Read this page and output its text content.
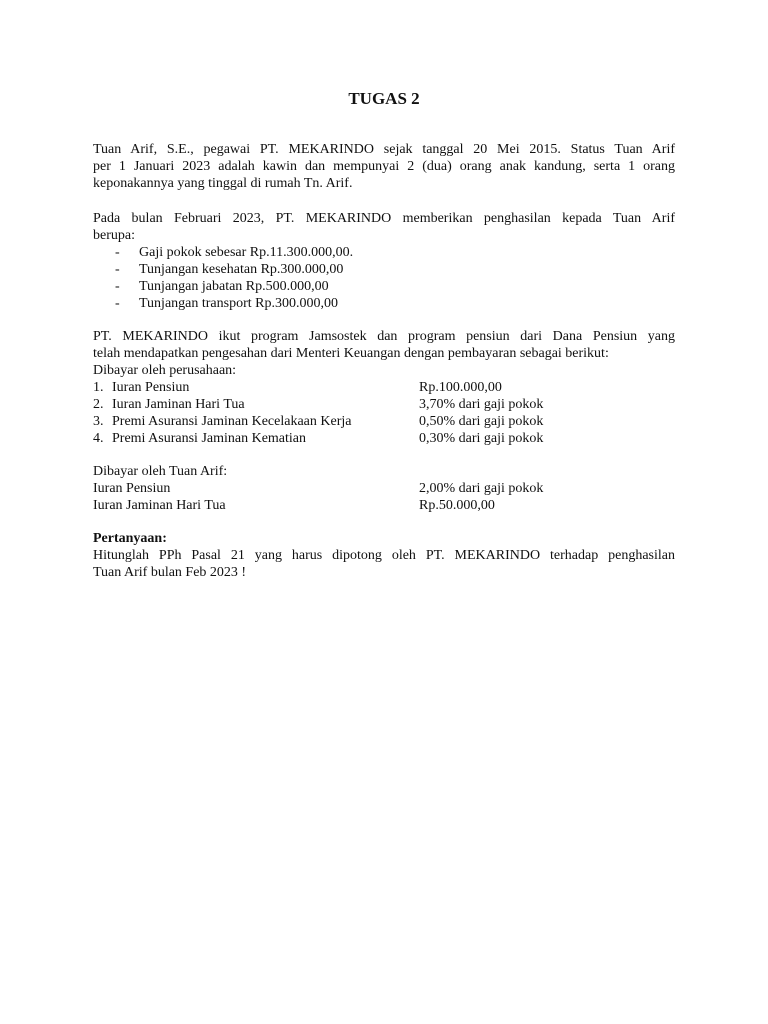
TUGAS 2
Tuan Arif, S.E., pegawai PT. MEKARINDO sejak tanggal 20 Mei 2015. Status Tuan Arif
per 1 Januari 2023 adalah kawin dan mempunyai 2 (dua) orang anak kandung, serta 1 orang
keponakannya yang tinggal di rumah Tn. Arif.
Pada bulan Februari 2023, PT. MEKARINDO memberikan penghasilan kepada Tuan Arif
berupa:
- Gaji pokok sebesar Rp.11.300.000,00.
- Tunjangan kesehatan Rp.300.000,00
- Tunjangan jabatan Rp.500.000,00
- Tunjangan transport Rp.300.000,00
PT. MEKARINDO ikut program Jamsostek dan program pensiun dari Dana Pensiun yang
telah mendapatkan pengesahan dari Menteri Keuangan dengan pembayaran sebagai berikut:
Dibayar oleh perusahaan:
1. Iuran Pensiun	Rp.100.000,00
2. Iuran Jaminan Hari Tua	3,70% dari gaji pokok
3. Premi Asuransi Jaminan Kecelakaan Kerja	0,50% dari gaji pokok
4. Premi Asuransi Jaminan Kematian	0,30% dari gaji pokok
Dibayar oleh Tuan Arif:
Iuran Pensiun	2,00% dari gaji pokok
Iuran Jaminan Hari Tua	Rp.50.000,00
Pertanyaan:
Hitunglah PPh Pasal 21 yang harus dipotong oleh PT. MEKARINDO terhadap penghasilan
Tuan Arif bulan Feb 2023 !
